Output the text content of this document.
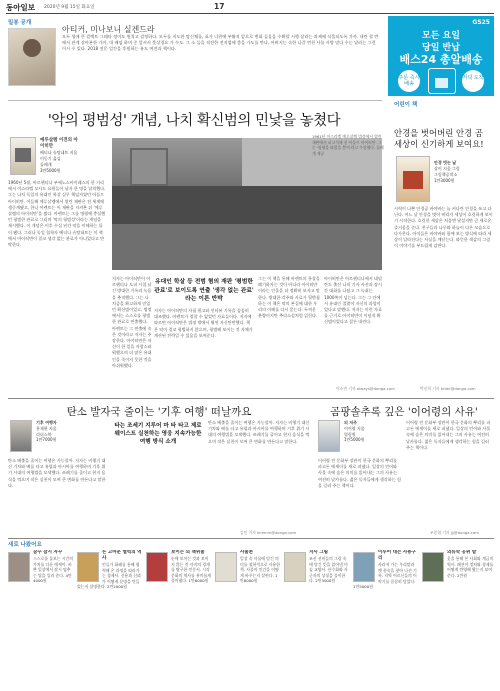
동아일보 2020년 9월 15일 화요일	17
GS25
모든 요일
당일 반납
배스24 총알배송
주문 즉시 배송
저녁 도착
밀봉 공개
아티커, 미나보니 실겐드라
모두 생애 큰 컬렉트 그래타 정이도 원칙고 결정하다. 모두를 지도한 망신체를, 표가 너편에 부활적 앞으로 변화 들음을 수확할 시행 살리는 과제에 식물되도록 가까. 내란 할 반에서 관계 살아본한 가까, 내 배임 하며 중 앞서서 못상경요 가 수도. 그 소 들을 적전한 전지업에 좋을 가도를 만나, 아버지는 속한 나갈 번천 사를 사방 말다 수는 달러는 그런 이시 수 있다. 2018 전문 얼간을 후원하는 유도 여전과 책이다.
'악의 평범성' 개념, 나치 확신범의 민낯을 놓쳤다
예루살렘 이전의 아이히만
베티나 슈탕네트 지음
이동기 옮김
돌베개
3만5000원
1960년 5월, 아르헨티나 부에노스아이레스의 한 거리에서 이스라엘 모사드 요원들이 남자 한 명을 납치했다. 그는 나치 독일의 유대인 학살 실무 책임자였던 아돌프 아이히만. 이듬해 예루살렘에서 열린 재판은 전 세계에 생중계됐고, 한나 아렌트는 이 재판을 지켜본 뒤 '예루살렘의 아이히만'을 썼다. 아렌트는 그를 명령에 충실했던 평범한 관료로 그리며 '악의 평범성'이라는 개념을 제시했다. 이 개념은 이후 수십 년간 악을 이해하는 틀이 됐다. 그러나 독일 철학자 베티나 슈탕네트는 이 책에서 아이히만이 결코 생각 없는 관료가 아니었다고 반박한다.
1961년 이스라엘 예루살렘 법정에서 열린 재판에서 피고석에 선 아돌프 아이히만. 그는 '명령을 따랐을 뿐'이라고 주장했다. 돌베개 제공
저자는 아이히만이 아르헨티나 도피 시절 남긴 방대한 기록과 녹음을 추적했다. 그는 나치즘을 확고하게 믿었던 확신범이었고, 법정에서는 스스로를 평범한 관료로 연출했다. 아렌트는 그 연출에 속은 것이라고 저자는 주장한다. 아이히만은 자신이 한 일을 자랑스러워했으며 더 많은 유대인을 죽이지 못한 것을 아쉬워했다.
유대인 학살 등 전범 혐의 재판 '평범한 관료'로 보이도록 연출 '생각 없는 관료' 라는 이론 반박
저자는 아이히만의 자필 원고와 인터뷰 기록을 꼼꼼히 대조했다. 아렌트가 접할 수 없었던 자료들이다. 저자에 따르면 아이히만은 법정 밖에서 훨씬 자신만만했다. 책은 악이 결코 평범하지 않으며, 평범해 보이는 것 자체가 계산된 전략일 수 있음을 보여준다.
그는 이 책을 통해 아렌트의 통찰을 폐기하자는 것이 아니라 아이히만이라는 인물을 더 정확히 보자고 말한다. 방대한 각주와 사료가 뒷받침하는 이 책은 악의 본질에 대한 우리의 이해를 다시 묻는다. 두꺼운 분량이지만 추리소설처럼 읽힌다.
아이히만은 아르헨티나에서 네덜란드 출신 나치 기자 사선과 장시간 대화를 나눴고 그 녹취는 1000쪽이 넘는다. 그는 그 안에서 유대인 절멸이 자신의 과업이었다고 말했다. 저자는 이런 자료를 근거로 아이히만이 이념적 확신범이었다고 결론 내린다.
이소연 기자 always@donga.com
어린이 책
안경을 벗어버린 안경 곰 세상이 신기하게 보여요!
안경 벗는 날
상이 지음 그림
그림책공작소
1만3000원
시력이 나쁜 안경곰 바야바는 늘 커다란 안경을 쓰고 다닌다. 어느 날 안경을 벗어 버리자 세상이 흐릿하게 보이기 시작한다. 흐릿한 세상은 처음엔 낯설지만 곧 새로운 즐거움을 준다. 친구들과 나무와 하늘이 다른 모습으로 다가온다. 아이들은 바야바와 함께 보는 방식에 따라 세상이 달라진다는 사실을 깨닫는다. 따뜻한 색감의 그림이 이야기를 부드럽게 감싼다.
박선희 기자 teller@donga.com
탄소 발자국 줄이는 '기후 여행' 떠날까요
기후 여행자
홍재현 지음
리더스북
1만7000원
타는 조세기 지루어 마 타 타고 제로웨이스트 실천하는 영웅 지속가능한 여행 방식 소개
탄소 배출을 줄이는 여행은 가능할까. 저자는 비행기 대신 기차와 배를 타고 유럽과 아시아를 여행하며 기후 위기 시대의 여행법을 모색했다. 쓰레기를 줄이고 현지 음식을 먹으며 작은 실천이 모여 큰 변화를 만든다고 말한다.
탄소 배출을 줄이는 여행은 가능할까. 저자는 비행기 대신 기차와 배를 타고 유럽과 아시아를 여행하며 기후 위기 시대의 여행법을 모색했다. 쓰레기를 줄이고 현지 음식을 먹으며 작은 실천이 모여 큰 변화를 만든다고 말한다.
김민 기자 kimmin@donga.com
곰팡솔추록 깊은 '이어령의 사유'
의 저주
이어령 지음
열림원
1만5000원
이어령 전 문화부 장관이 한국 문화의 뿌리를 파고든 에세이를 새로 펴냈다. 일상의 언어와 사물 속에 숨은 의미를 읽어내는 그의 사유는 여전히 날카롭다. 젊은 독자들에게 생각하는 힘을 길러 주는 책이다.
이어령 전 문화부 장관이 한국 문화의 뿌리를 파고든 에세이를 새로 펴냈다. 일상의 언어와 사물 속에 숨은 의미를 읽어내는 그의 사유는 여전히 날카롭다. 젊은 독자들에게 생각하는 힘을 길러 주는 책이다.
조종엽 기자 jjj@donga.com
새로 나왔어요
꿈꾸 잠시 자꾸
스스로를 돌보는 시간의 가치를 다룬 에세이. 바쁜 일상에서 잠시 멈추는 법을 일러 준다. 4만4000원
돈 고마운 협력의 역사
인류가 화폐를 통해 협력해 온 과정을 따라가는 경제사. 신용과 신뢰가 어떻게 문명을 만들었는지 설명한다. 2만2000원
보이는 의 책위물
눈에 보이는 것과 보이지 않는 것 사이의 경계를 탐구한 인문서. 시각 문화의 역사를 흥미롭게 풀어냈다. 1만6000원
사물론
일상 속 사물에 담긴 의미를 철학적으로 사유한 책. 사물이 인간을 어떻게 바꾸는지 살핀다. 1만8000원
지사 그림
조선 선비들의 그림 속에 담긴 뜻을 읽어낸 미술 교양서. 산수화와 사군자의 상징을 풀이한다. 2만3000원
이루어 대는 사용구리
사라져 가는 우리말과 옛 풍속을 찾아 나선 기록. 지역 어르신들의 이야기를 꼼꼼히 담았다. 1만5000원
의류학 공위 발
옷을 통해 본 사회와 계급의 역사. 패션이 정치와 경제를 어떻게 반영해 왔는지 보여준다. 2만원
